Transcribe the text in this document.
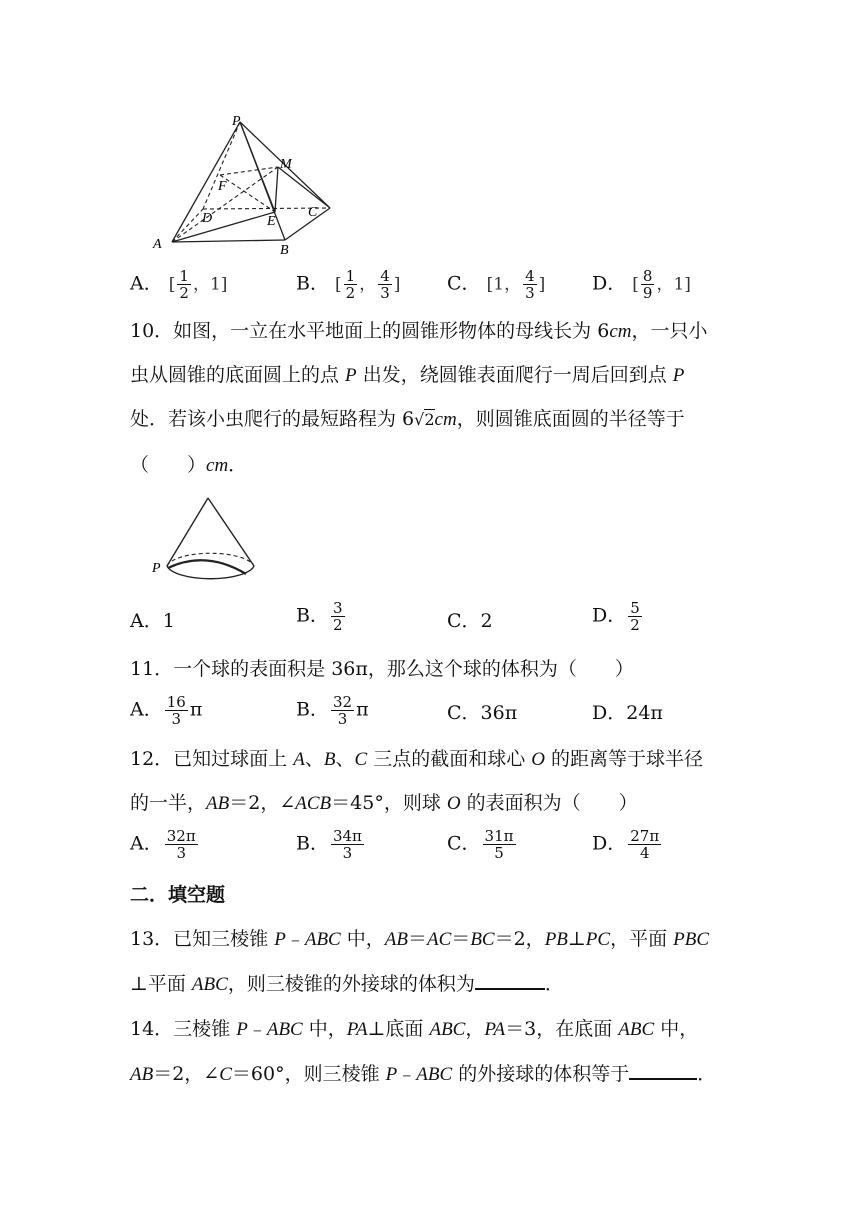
P
M
F
D	E
C
A	B
A． [ $\frac{1}{2}$ ，1]	B． [ $\frac{1}{2}$ ， $\frac{4}{3}$ ] C． [1， $\frac{4}{3}$ ] D． [ $\frac{8}{9}$ ，1]
10．如图，一立在水平地面上的圆锥形物体的母线长为 6cm，一只小
虫从圆锥的底面圆上的点 P 出发，绕圆锥表面爬行一周后回到点 P
处．若该小虫爬行的最短路程为 6√2cm，则圆锥底面圆的半径等于
（　　）cm．
P
A．1	B． $\frac{3}{2}$	C．2	D． $\frac{5}{2}$
11．一个球的表面积是 36π，那么这个球的体积为（　　）
A． $\frac{16}{3}$ π	B． $\frac{32}{3}$ π	C．36π	D．24π
12．已知过球面上 A、B、C 三点的截面和球心 O 的距离等于球半径
的一半，AB＝2，∠ACB＝45°，则球 O 的表面积为（　　）
A． $\frac{32\pi}{3}$	B． $\frac{34\pi}{3}$	C． $\frac{31\pi}{5}$	D． $\frac{27\pi}{4}$
二．填空题
13．已知三棱锥 P﹣ABC 中，AB＝AC＝BC＝2，PB⊥PC，平面 PBC
⊥平面 ABC，则三棱锥的外接球的体积为	．
14．三棱锥 P﹣ABC 中，PA⊥底面 ABC，PA＝3，在底面 ABC 中，
AB＝2，∠C＝60°，则三棱锥 P﹣ABC 的外接球的体积等于	．
